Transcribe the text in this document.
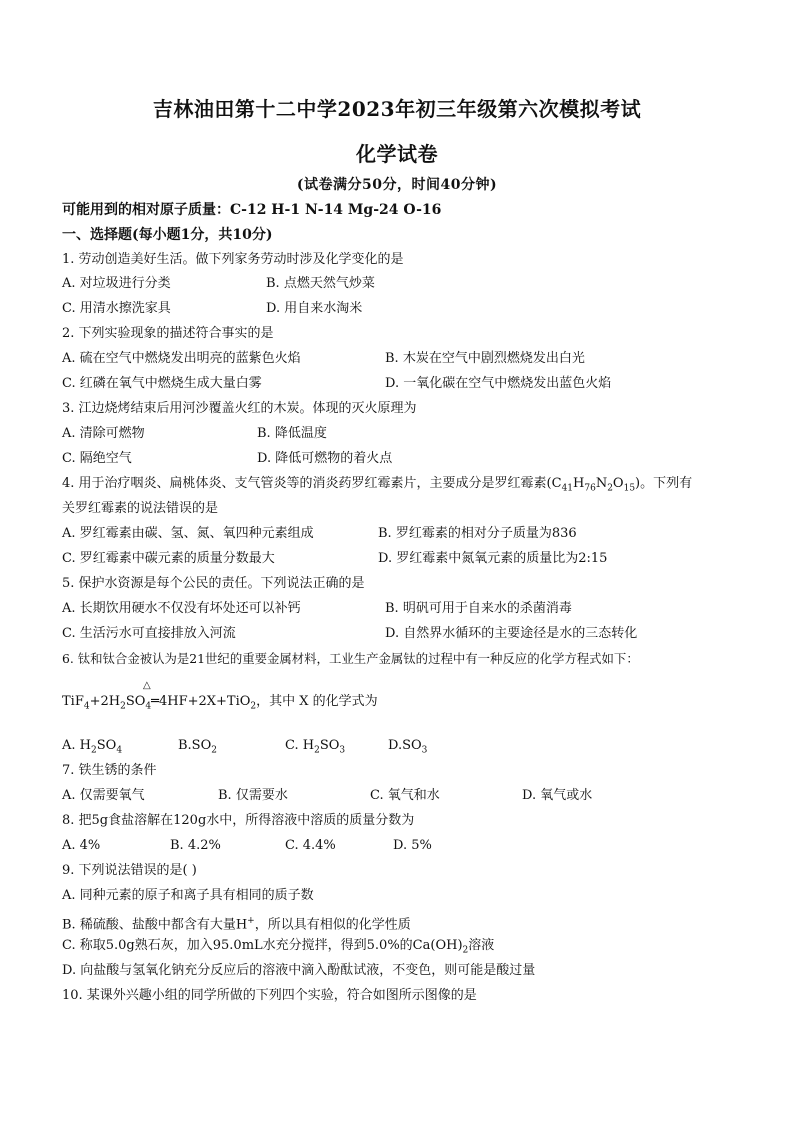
吉林油田第十二中学2023年初三年级第六次模拟考试
化学试卷
(试卷满分50分，时间40分钟)
可能用到的相对原子质量：C-12 H-1 N-14 Mg-24 O-16
一、选择题(每小题1分，共10分)
1. 劳动创造美好生活。做下列家务劳动时涉及化学变化的是
A. 对垃圾进行分类	B. 点燃天然气炒菜
C. 用清水擦洗家具	D. 用自来水淘米
2. 下列实验现象的描述符合事实的是
A. 硫在空气中燃烧发出明亮的蓝紫色火焰	B. 木炭在空气中剧烈燃烧发出白光
C. 红磷在氧气中燃烧生成大量白雾	D. 一氧化碳在空气中燃烧发出蓝色火焰
3. 江边烧烤结束后用河沙覆盖火红的木炭。体现的灭火原理为
A. 清除可燃物	B. 降低温度
C. 隔绝空气	D. 降低可燃物的着火点
4. 用于治疗咽炎、扁桃体炎、支气管炎等的消炎药罗红霉素片，主要成分是罗红霉素$(C_{41}H_{76}N_2O_{15})$。下列有
关罗红霉素的说法错误的是
A. 罗红霉素由碳、氢、氮、氧四种元素组成	B. 罗红霉素的相对分子质量为836
C. 罗红霉素中碳元素的质量分数最大	D. 罗红霉素中氮氧元素的质量比为2:15
5. 保护水资源是每个公民的责任。下列说法正确的是
A. 长期饮用硬水不仅没有坏处还可以补钙	B. 明矾可用于自来水的杀菌消毒
C. 生活污水可直接排放入河流	D. 自然界水循环的主要途径是水的三态转化
6. 钛和钛合金被认为是21世纪的重要金属材料，工业生产金属钛的过程中有一种反应的化学方程式如下：
△
$TiF_4+2H_2SO_4═4HF+2X+TiO_2$，其中 X 的化学式为
A. $H_2SO_4$	$B.SO_2$	C. $H_2SO_3$	$D.SO_3$
7. 铁生锈的条件
A. 仅需要氧气	B. 仅需要水	C. 氧气和水	D. 氧气或水
8. 把5g食盐溶解在120g水中，所得溶液中溶质的质量分数为
A. 4%	B. 4.2%	C. 4.4%	D. 5%
9. 下列说法错误的是( )
A. 同种元素的原子和离子具有相同的质子数
B. 稀硫酸、盐酸中都含有大量H+，所以具有相似的化学性质
C. 称取5.0g熟石灰，加入95.0mL水充分搅拌，得到5.0%的$Ca(OH)_2$溶液
D. 向盐酸与氢氧化钠充分反应后的溶液中滴入酚酞试液，不变色，则可能是酸过量
10. 某课外兴趣小组的同学所做的下列四个实验，符合如图所示图像的是
